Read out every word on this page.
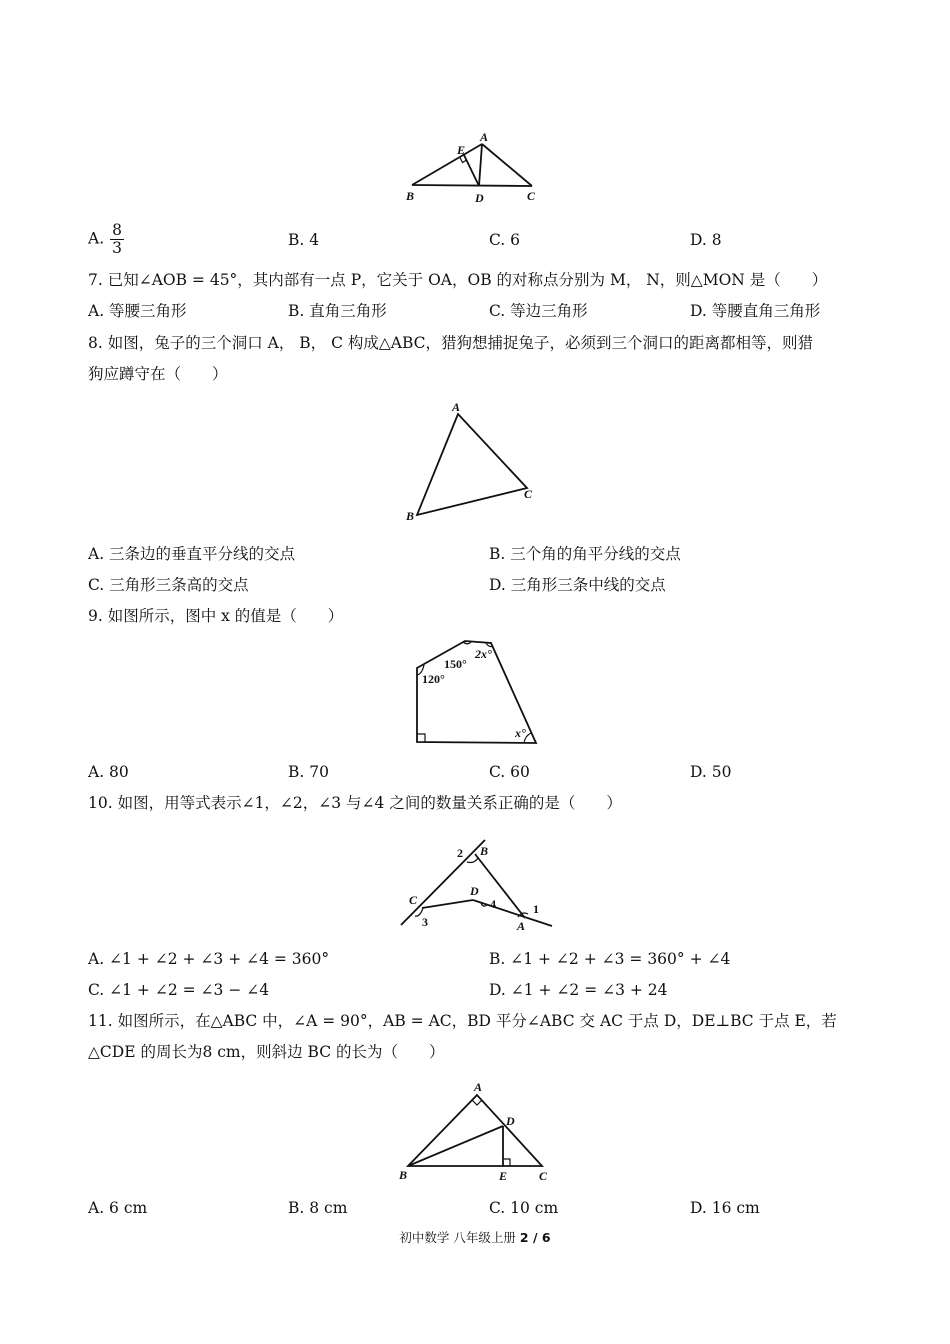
A
E
B	D	C
A. $\frac{8}{3}$	B. 4	C. 6	D. 8
7. 已知∠AOB = 45°，其内部有一点 P，它关于 OA，OB 的对称点分别为 M， N，则△MON 是（　　）
A. 等腰三角形	B. 直角三角形	C. 等边三角形	D. 等腰直角三角形
8. 如图，兔子的三个洞口 A， B， C 构成△ABC，猎狗想捕捉兔子，必须到三个洞口的距离都相等，则猎
狗应蹲守在（　　）
A
B
C
A. 三条边的垂直平分线的交点	B. 三个角的角平分线的交点
C. 三角形三条高的交点	D. 三角形三条中线的交点
9. 如图所示，图中 x 的值是（　　）
150°
2x°
120°
x°
A. 80	B. 70	C. 60	D. 50
10. 如图，用等式表示∠1，∠2，∠3 与∠4 之间的数量关系正确的是（　　）
B
2
C
3
D
4
A
1
A. ∠1 + ∠2 + ∠3 + ∠4 = 360°	B. ∠1 + ∠2 + ∠3 = 360° + ∠4
C. ∠1 + ∠2 = ∠3 − ∠4	D. ∠1 + ∠2 = ∠3 + 24
11. 如图所示，在△ABC 中，∠A = 90°，AB = AC，BD 平分∠ABC 交 AC 于点 D，DE⊥BC 于点 E，若
△CDE 的周长为8 cm，则斜边 BC 的长为（　　）
A
D
B	E	C
A. 6 cm	B. 8 cm	C. 10 cm	D. 16 cm
初中数学 八年级上册 2 / 6
